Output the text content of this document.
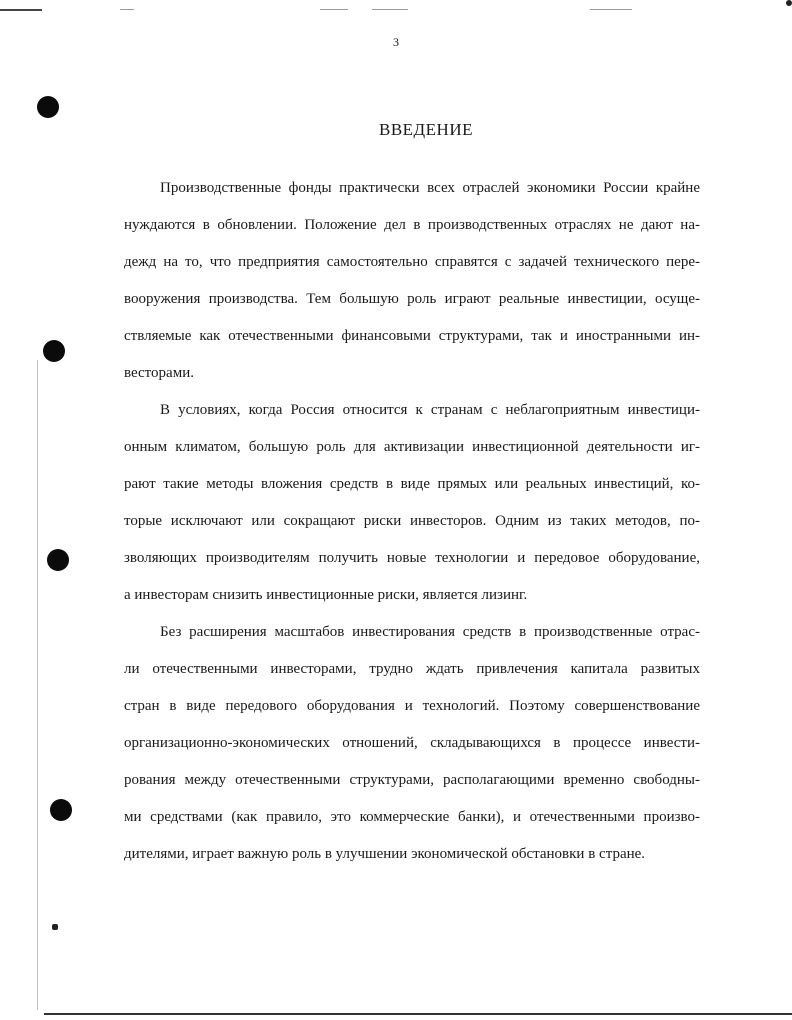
3
ВВЕДЕНИЕ
Производственные фонды практически всех отраслей экономики России крайне
нуждаются в обновлении. Положение дел в производственных отраслях не дают на-
дежд на то, что предприятия самостоятельно справятся с задачей технического пере-
вооружения производства. Тем большую роль играют реальные инвестиции, осуще-
ствляемые как отечественными финансовыми структурами, так и иностранными ин-
весторами.
В условиях, когда Россия относится к странам с неблагоприятным инвестици-
онным климатом, большую роль для активизации инвестиционной деятельности иг-
рают такие методы вложения средств в виде прямых или реальных инвестиций, ко-
торые исключают или сокращают риски инвесторов. Одним из таких методов, по-
зволяющих производителям получить новые технологии и передовое оборудование,
а инвесторам снизить инвестиционные риски, является лизинг.
Без расширения масштабов инвестирования средств в производственные отрас-
ли отечественными инвесторами, трудно ждать привлечения капитала развитых
стран в виде передового оборудования и технологий. Поэтому совершенствование
организационно-экономических отношений, складывающихся в процессе инвести-
рования между отечественными структурами, располагающими временно свободны-
ми средствами (как правило, это коммерческие банки), и отечественными произво-
дителями, играет важную роль в улучшении экономической обстановки в стране.
